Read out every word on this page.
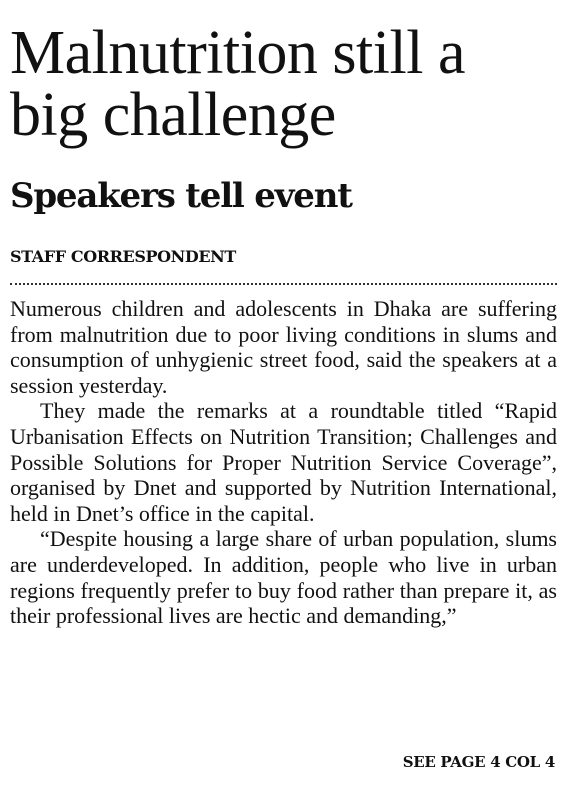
Malnutrition still a big challenge
Speakers tell event
STAFF CORRESPONDENT

Numerous children and adolescents in Dhaka are suffering from malnutrition due to poor living conditions in slums and consumption of unhygienic street food, said the speakers at a session yesterday.

They made the remarks at a roundtable titled “Rapid Urbanisation Effects on Nutrition Transition; Challenges and Possible Solutions for Proper Nutrition Service Coverage”, organised by Dnet and supported by Nutrition International, held in Dnet’s office in the capital.

“Despite housing a large share of urban population, slums are underdeveloped. In addition, people who live in urban regions frequently prefer to buy food rather than prepare it, as their professional lives are hectic and demanding,”

SEE PAGE 4 COL 4
